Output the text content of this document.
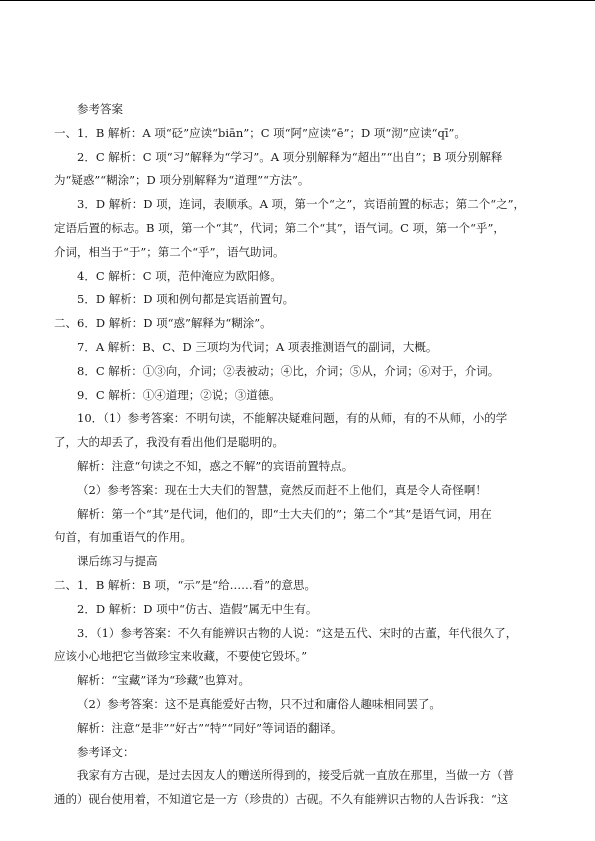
参考答案
一、1．B 解析：A 项“砭”应读“biān”；C 项“阿”应读“ē”；D 项“沏”应读“qī”。
2．C 解析：C 项“习”解释为“学习”。A 项分别解释为“超出”“出自”；B 项分别解释
为“疑惑”“糊涂”；D 项分别解释为“道理”“方法”。
3．D 解析：D 项，连词，表顺承。A 项，第一个“之”，宾语前置的标志；第二个“之”，
定语后置的标志。B 项，第一个“其”，代词；第二个“其”，语气词。C 项，第一个“乎”，
介词，相当于“于”；第二个“乎”，语气助词。
4．C 解析：C 项，范仲淹应为欧阳修。
5．D 解析：D 项和例句都是宾语前置句。
二、6．D 解析：D 项“惑”解释为“糊涂”。
7．A 解析：B、C、D 三项均为代词；A 项表推测语气的副词，大概。
8．C 解析：①③向，介词；②表被动；④比，介词；⑤从，介词；⑥对于，介词。
9．C 解析：①④道理；②说；③道德。
10．（1）参考答案：不明句读，不能解决疑难问题，有的从师，有的不从师，小的学
了，大的却丢了，我没有看出他们是聪明的。
解析：注意“句读之不知，惑之不解”的宾语前置特点。
（2）参考答案：现在士大夫们的智慧，竟然反而赶不上他们，真是令人奇怪啊！
解析：第一个“其”是代词，他们的，即“士大夫们的”；第二个“其”是语气词，用在
句首，有加重语气的作用。
课后练习与提高
二、1．B 解析：B 项，“示”是“给……看”的意思。
2．D 解析：D 项中“仿古、造假”属无中生有。
3．（1）参考答案：不久有能辨识古物的人说：“这是五代、宋时的古董，年代很久了，
应该小心地把它当做珍宝来收藏，不要使它毁坏。”
解析：“宝藏”译为“珍藏”也算对。
（2）参考答案：这不是真能爱好古物，只不过和庸俗人趣味相同罢了。
解析：注意“是非”“好古”“特”“同好”等词语的翻译。
参考译文：
我家有方古砚，是过去因友人的赠送所得到的，接受后就一直放在那里，当做一方（普
通的）砚台使用着，不知道它是一方（珍贵的）古砚。不久有能辨识古物的人告诉我：“这
